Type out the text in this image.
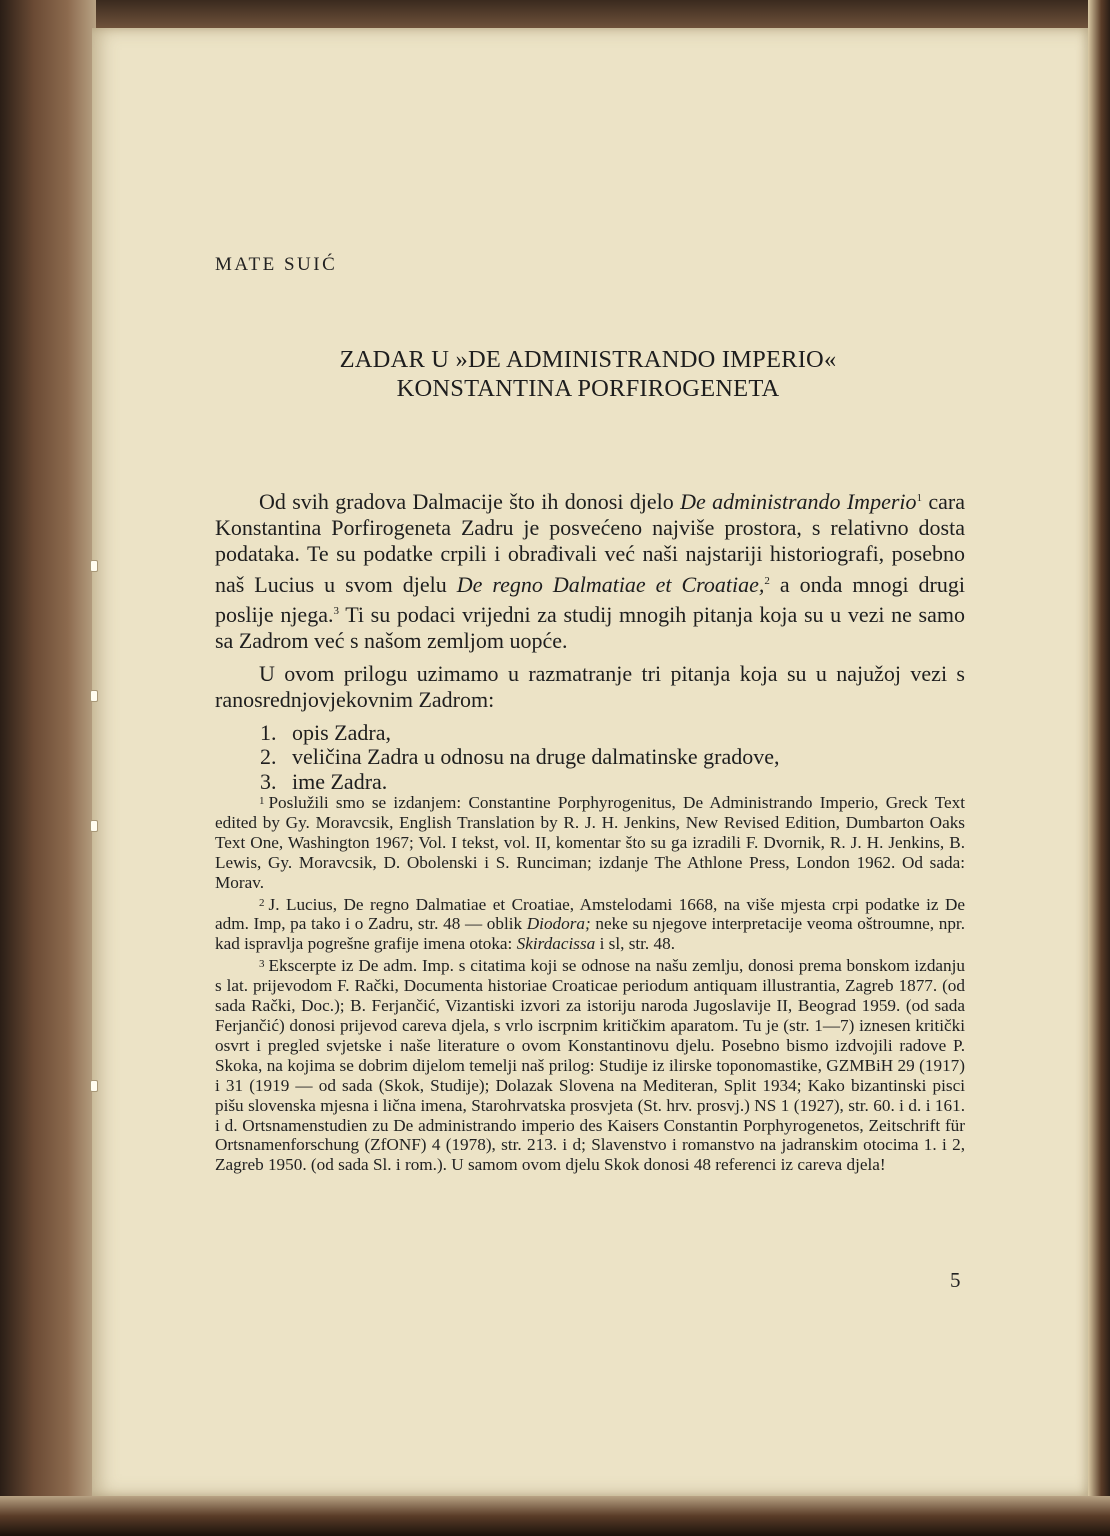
MATE SUIĆ

ZADAR U »DE ADMINISTRANDO IMPERIO«
KONSTANTINA PORFIROGENETA

Od svih gradova Dalmacije što ih donosi djelo De administrando Imperio$^1$ cara Konstantina Porfirogeneta Zadru je posvećeno najviše prostora, s relativno dosta podataka. Te su podatke crpili i obrađivali već naši najstariji historiografi, posebno naš Lucius u svom djelu De regno Dalmatiae et Croatiae,$^2$ a onda mnogi drugi poslije njega.$^3$ Ti su podaci vrijedni za studij mnogih pitanja koja su u vezi ne samo sa Zadrom već s našom zemljom uopće.

U ovom prilogu uzimamo u razmatranje tri pitanja koja su u najužoj vezi s ranosrednjovjekovnim Zadrom:

1. opis Zadra,
2. veličina Zadra u odnosu na druge dalmatinske gradove,
3. ime Zadra.

$^1$ Poslužili smo se izdanjem: Constantine Porphyrogenitus, De Administrando Imperio, Greck Text edited by Gy. Moravcsik, English Translation by R. J. H. Jenkins, New Revised Edition, Dumbarton Oaks Text One, Washington 1967; Vol. I tekst, vol. II, komentar što su ga izradili F. Dvornik, R. J. H. Jenkins, B. Lewis, Gy. Moravcsik, D. Obolenski i S. Runciman; izdanje The Athlone Press, London 1962. Od sada: Morav.

$^2$ J. Lucius, De regno Dalmatiae et Croatiae, Amstelodami 1668, na više mjesta crpi podatke iz De adm. Imp, pa tako i o Zadru, str. 48 — oblik Diodora; neke su njegove interpretacije veoma oštroumne, npr. kad ispravlja pogrešne grafije imena otoka: Skirdacissa i sl, str. 48.

$^3$ Ekscerpte iz De adm. Imp. s citatima koji se odnose na našu zemlju, donosi prema bonskom izdanju s lat. prijevodom F. Rački, Documenta historiae Croaticae periodum antiquam illustrantia, Zagreb 1877. (od sada Rački, Doc.); B. Ferjančić, Vizantiski izvori za istoriju naroda Jugoslavije II, Beograd 1959. (od sada Ferjančić) donosi prijevod careva djela, s vrlo iscrpnim kritičkim aparatom. Tu je (str. 1—7) iznesen kritički osvrt i pregled svjetske i naše literature o ovom Konstantinovu djelu. Posebno bismo izdvojili radove P. Skoka, na kojima se dobrim dijelom temelji naš prilog: Studije iz ilirske toponomastike, GZMBiH 29 (1917) i 31 (1919 — od sada (Skok, Studije); Dolazak Slovena na Mediteran, Split 1934; Kako bizantinski pisci pišu slovenska mjesna i lična imena, Starohrvatska prosvjeta (St. hrv. prosvj.) NS 1 (1927), str. 60. i d. i 161. i d. Ortsnamenstudien zu De administrando imperio des Kaisers Constantin Porphyrogenetos, Zeitschrift für Ortsnamenforschung (ZfONF) 4 (1978), str. 213. i d; Slavenstvo i romanstvo na jadranskim otocima 1. i 2, Zagreb 1950. (od sada Sl. i rom.). U samom ovom djelu Skok donosi 48 referenci iz careva djela!

5
